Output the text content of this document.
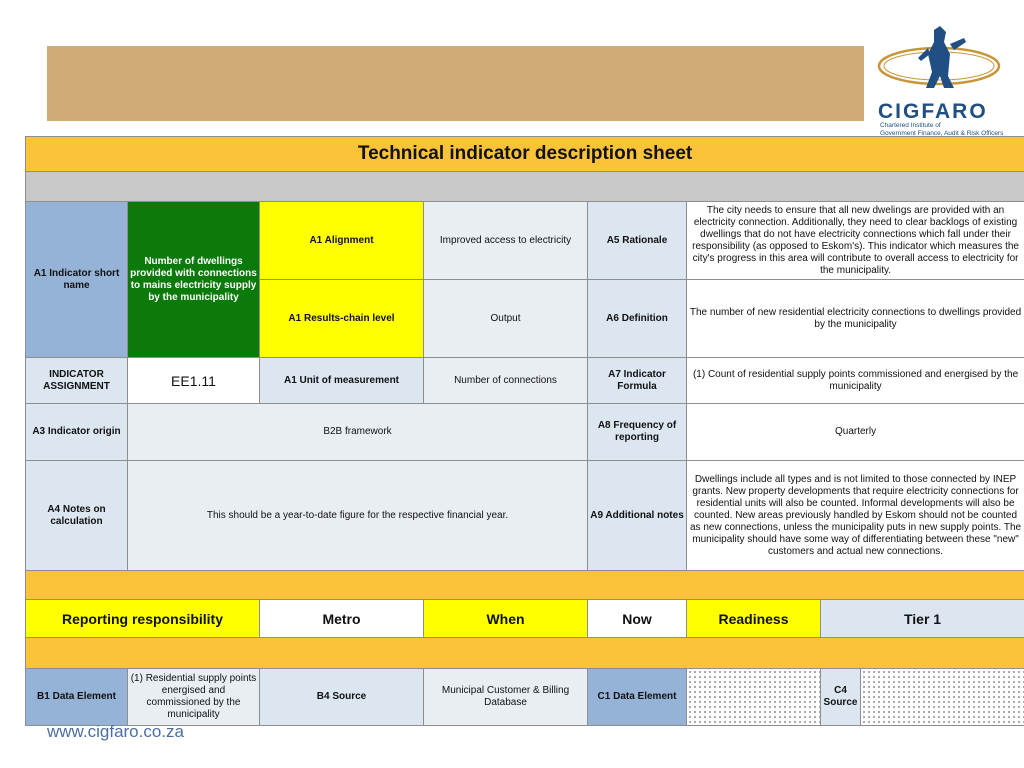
CIGFARO
Chartered Institute of
Government Finance, Audit & Risk Officers
Technical indicator description sheet							

A1 Indicator short name	Number of dwellings provided with connections to mains electricity supply by the municipality	A1 Alignment	Improved access to electricity	A5 Rationale	The city needs to ensure that all new dwelings are provided with an electricity connection. Additionally, they need to clear backlogs of existing dwellings that do not have electricity connections which fall under their responsibility (as opposed to Eskom's). This indicator which measures the city's progress in this area will contribute to overall access to electricity for the municipality.		
		A1 Results-chain level	Output	A6 Definition	The number of new residential electricity connections to dwellings provided by the municipality		
INDICATOR ASSIGNMENT	EE1.11	A1 Unit of measurement	Number of connections	A7 Indicator Formula	(1) Count of residential supply points commissioned and energised by the municipality		
A3 Indicator origin	B2B framework			A8 Frequency of reporting	Quarterly		
A4 Notes on calculation	This should be a year-to-date figure for the respective financial year.			A9 Additional notes	Dwellings include all types and is not limited to those connected by INEP grants. New property developments that require electricity connections for residential units will also be counted. Informal developments will also be counted. New areas previously handled by Eskom should not be counted as new connections, unless the municipality puts in new supply points. The municipality should have some way of differentiating between these "new" customers and actual new connections.		

Reporting responsibility		Metro	When	Now	Readiness	Tier 1	

B1 Data Element	(1) Residential supply points energised and commissioned by the municipality	B4 Source	Municipal Customer & Billing Database	C1 Data Element		C4 Source	
www.cigfaro.co.za
